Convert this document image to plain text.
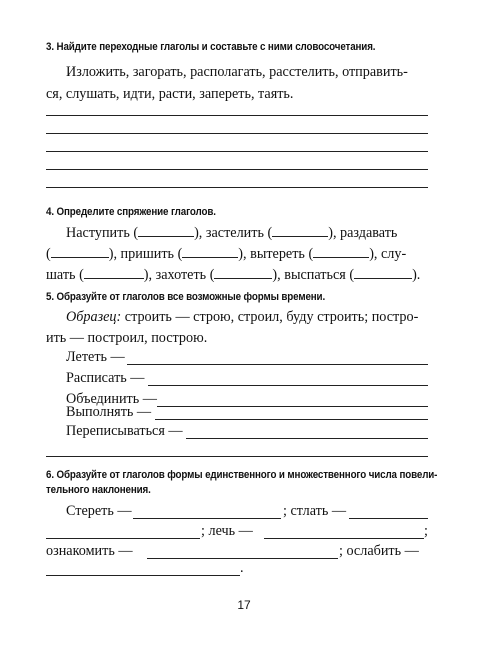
3. Найдите переходные глаголы и составьте с ними словосочетания.
Изложить, загорать, располагать, расстелить, отправить-
ся, слушать, идти, расти, запереть, таять.
4. Определите спряжение глаголов.
Наступить (	), застелить (	), раздавать
(	), пришить (	), вытереть (	), слу-
шать (	), захотеть (	), выспаться (	).
5. Образуйте от глаголов все возможные формы времени.
Образец: строить — строю, строил, буду строить; постро-
ить — построил, построю.
Лететь —
Расписать —
Объединить —
Выполнять —
Переписываться —
6. Образуйте от глаголов формы единственного и множественного числа повели-
тельного наклонения.
Стереть —	; стлать —
; лечь —	;
ознакомить —	; ослабить —
.
17
